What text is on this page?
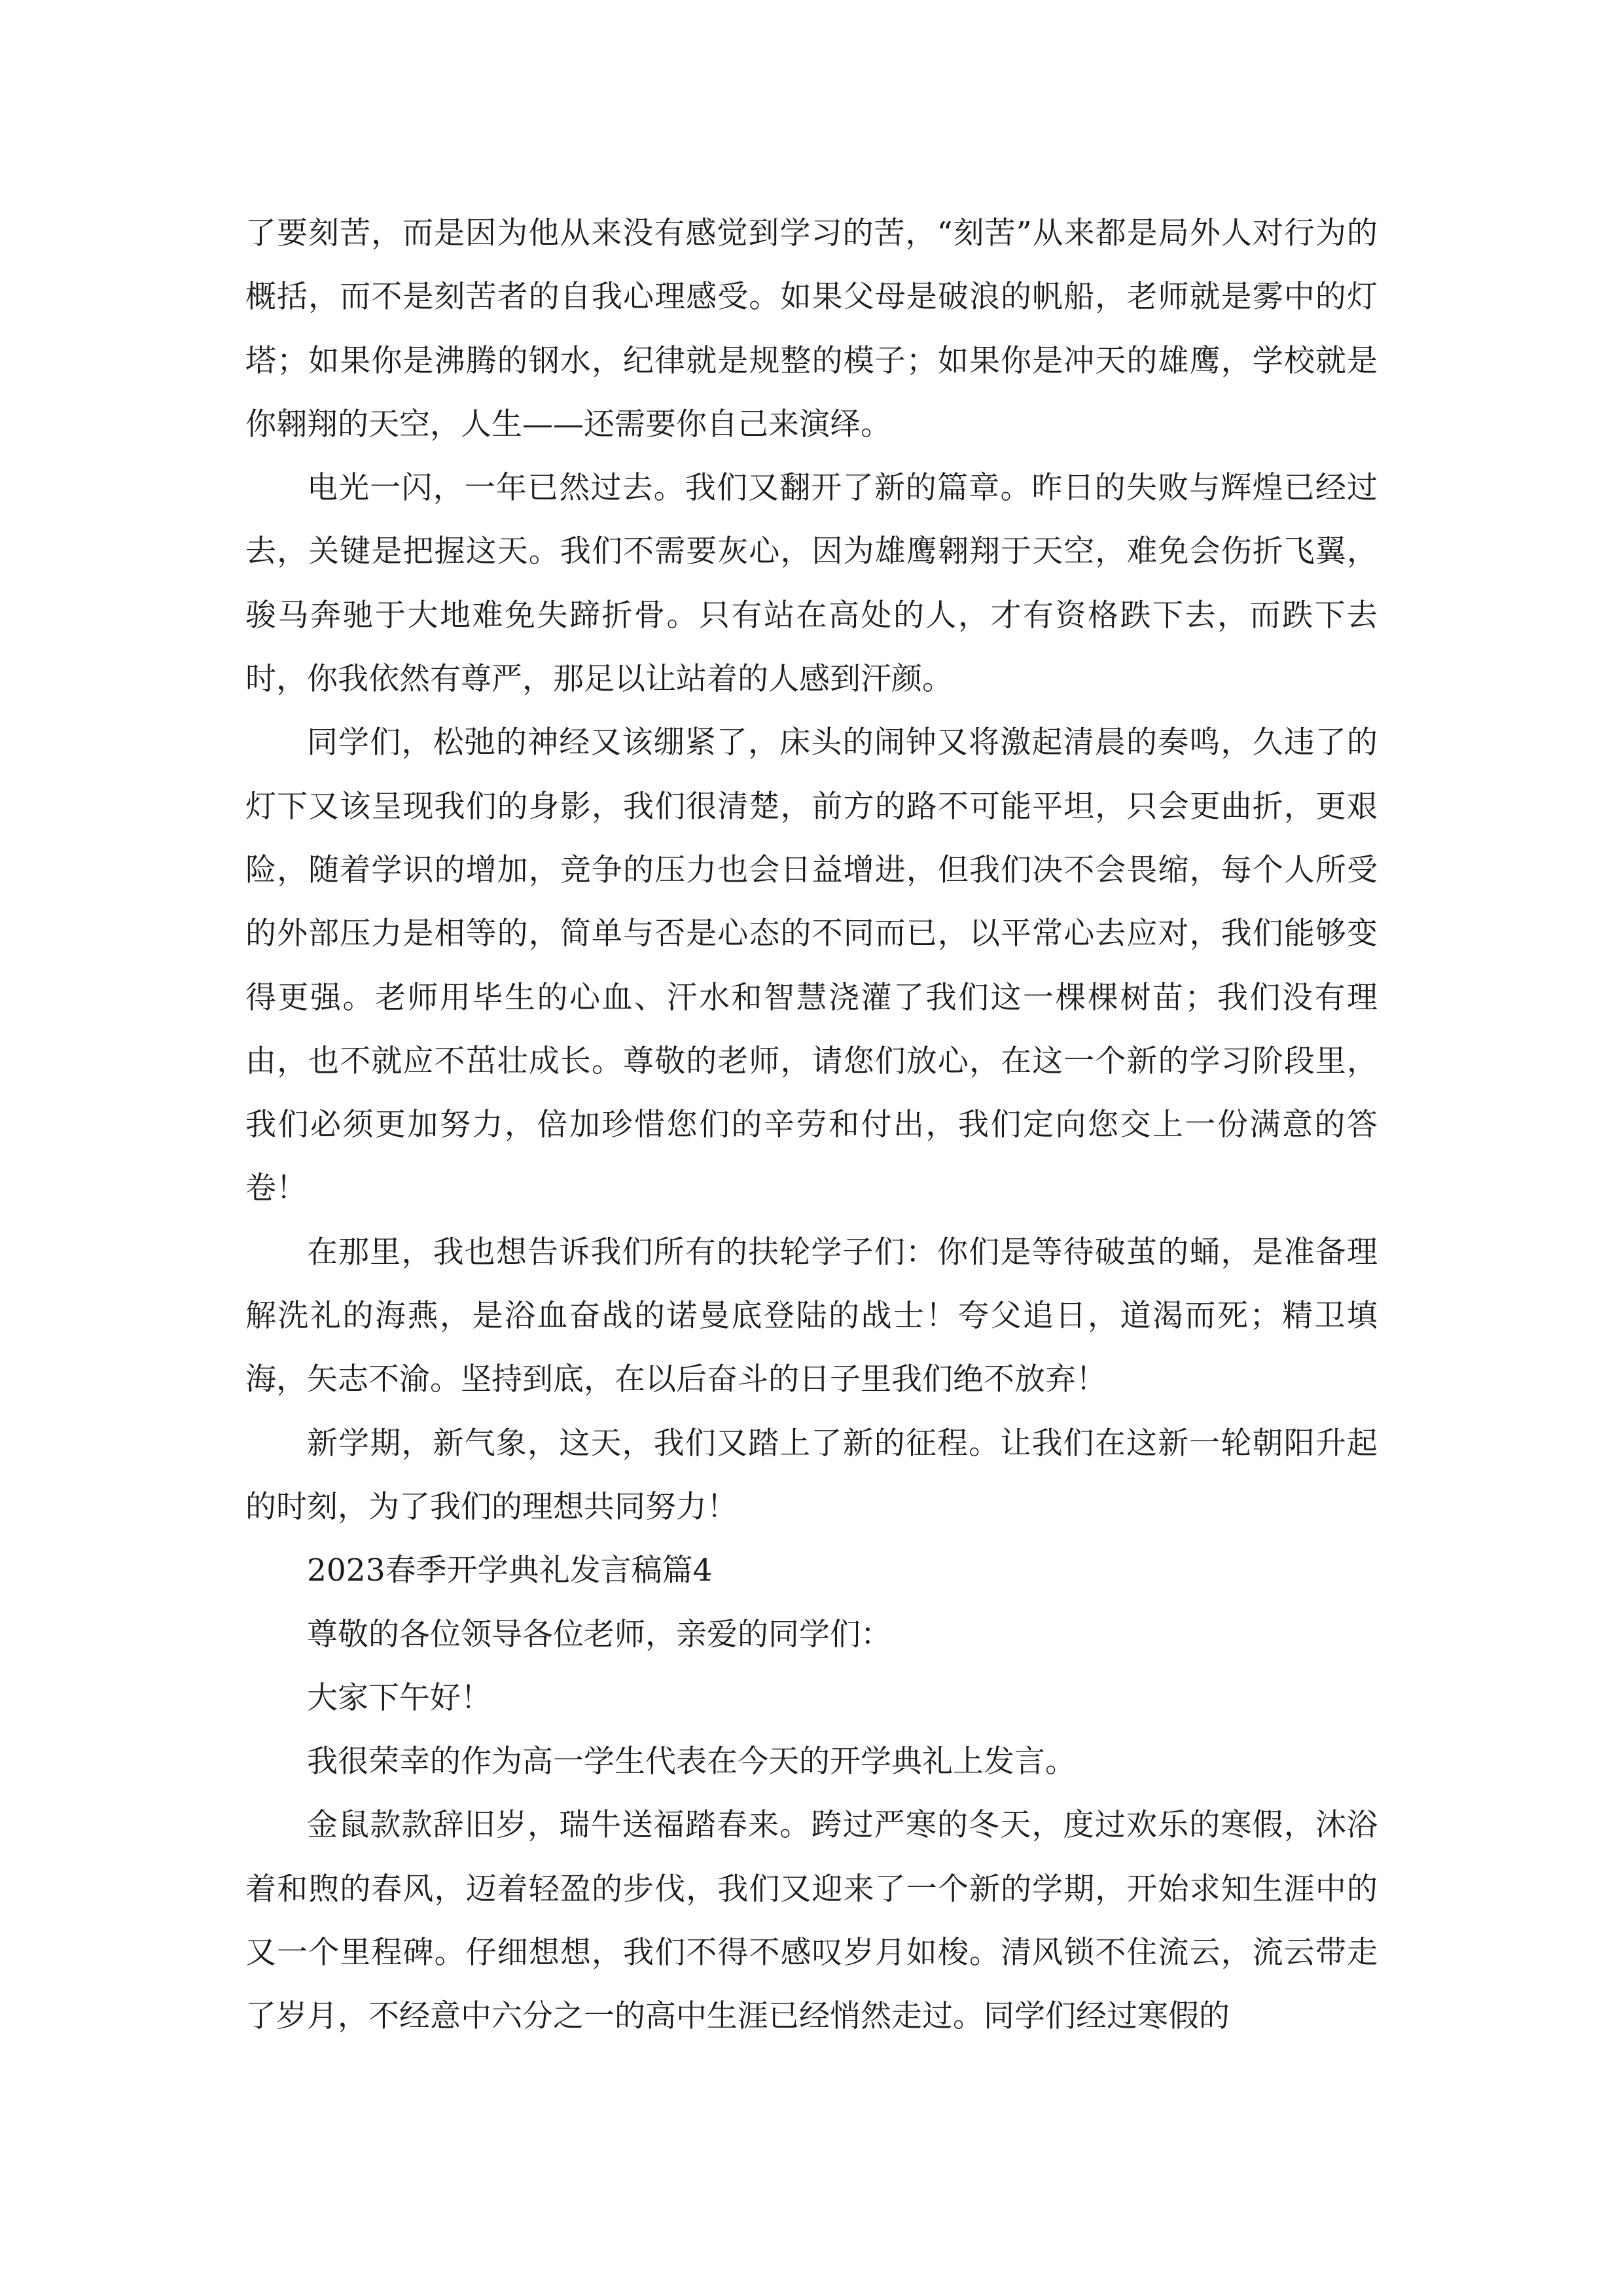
了要刻苦，而是因为他从来没有感觉到学习的苦，“刻苦”从来都是局外人对行为的概括，而不是刻苦者的自我心理感受。如果父母是破浪的帆船，老师就是雾中的灯塔；如果你是沸腾的钢水，纪律就是规整的模子；如果你是冲天的雄鹰，学校就是你翱翔的天空，人生——还需要你自己来演绎。

电光一闪，一年已然过去。我们又翻开了新的篇章。昨日的失败与辉煌已经过去，关键是把握这天。我们不需要灰心，因为雄鹰翱翔于天空，难免会伤折飞翼，骏马奔驰于大地难免失蹄折骨。只有站在高处的人，才有资格跌下去，而跌下去时，你我依然有尊严，那足以让站着的人感到汗颜。

同学们，松弛的神经又该绷紧了，床头的闹钟又将激起清晨的奏鸣，久违了的灯下又该呈现我们的身影，我们很清楚，前方的路不可能平坦，只会更曲折，更艰险，随着学识的增加，竞争的压力也会日益增进，但我们决不会畏缩，每个人所受的外部压力是相等的，简单与否是心态的不同而已，以平常心去应对，我们能够变得更强。老师用毕生的心血、汗水和智慧浇灌了我们这一棵棵树苗；我们没有理由，也不就应不茁壮成长。尊敬的老师，请您们放心，在这一个新的学习阶段里，我们必须更加努力，倍加珍惜您们的辛劳和付出，我们定向您交上一份满意的答卷！

在那里，我也想告诉我们所有的扶轮学子们：你们是等待破茧的蛹，是准备理解洗礼的海燕，是浴血奋战的诺曼底登陆的战士！夸父追日，道渴而死；精卫填海，矢志不渝。坚持到底，在以后奋斗的日子里我们绝不放弃！

新学期，新气象，这天，我们又踏上了新的征程。让我们在这新一轮朝阳升起的时刻，为了我们的理想共同努力！

2023春季开学典礼发言稿篇4

尊敬的各位领导各位老师，亲爱的同学们：

大家下午好！

我很荣幸的作为高一学生代表在今天的开学典礼上发言。

金鼠款款辞旧岁，瑞牛送福踏春来。跨过严寒的冬天，度过欢乐的寒假，沐浴着和煦的春风，迈着轻盈的步伐，我们又迎来了一个新的学期，开始求知生涯中的又一个里程碑。仔细想想，我们不得不感叹岁月如梭。清风锁不住流云，流云带走了岁月，不经意中六分之一的高中生涯已经悄然走过。同学们经过寒假的
